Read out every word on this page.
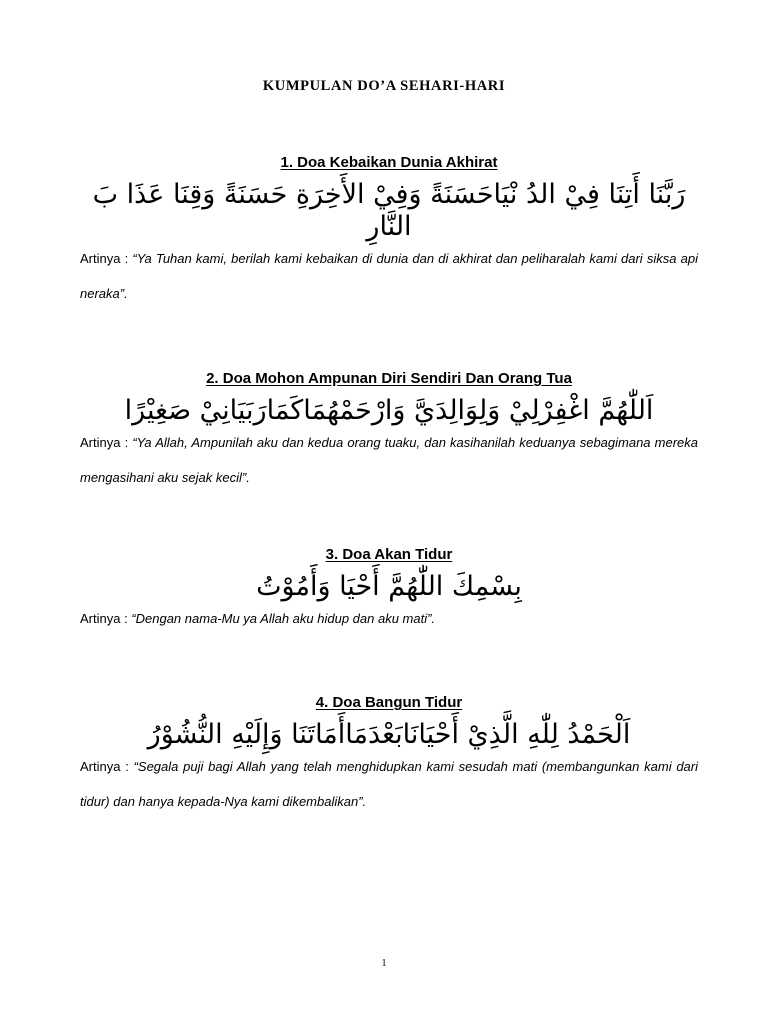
KUMPULAN DO’A SEHARI-HARI
1. Doa Kebaikan Dunia Akhirat
رَبَّنَا أَتِنَا فِيْ الدُ نْيَاحَسَنَةً وَفِيْ الأَخِرَةِ حَسَنَةً وَقِنَا عَذَا بَ النَّارِ
Artinya : “Ya Tuhan kami, berilah kami kebaikan di dunia dan di akhirat dan peliharalah kami dari siksa api neraka”.
2. Doa Mohon Ampunan Diri Sendiri Dan Orang Tua
اَللّٰهُمَّ اغْفِرْلِيْ وَلِوَالِدَيَّ وَارْحَمْهُمَاكَمَارَبَيَانِيْ صَغِيْرًا
Artinya : “Ya Allah, Ampunilah aku dan kedua orang tuaku, dan kasihanilah keduanya sebagimana mereka mengasihani aku sejak kecil”.
3. Doa Akan Tidur
بِسْمِكَ اللّٰهُمَّ أَحْيَا وَأَمُوْتُ
Artinya : “Dengan nama-Mu ya Allah aku hidup dan aku mati”.
4. Doa Bangun Tidur
اَلْحَمْدُ لِلّٰهِ الَّذِيْ أَحْيَانَابَعْدَمَاأَمَاتَنَا وَإِلَيْهِ النُّشُوْرُ
Artinya : “Segala puji bagi Allah yang telah menghidupkan kami sesudah mati (membangunkan kami dari tidur) dan hanya kepada-Nya kami dikembalikan”.
1
